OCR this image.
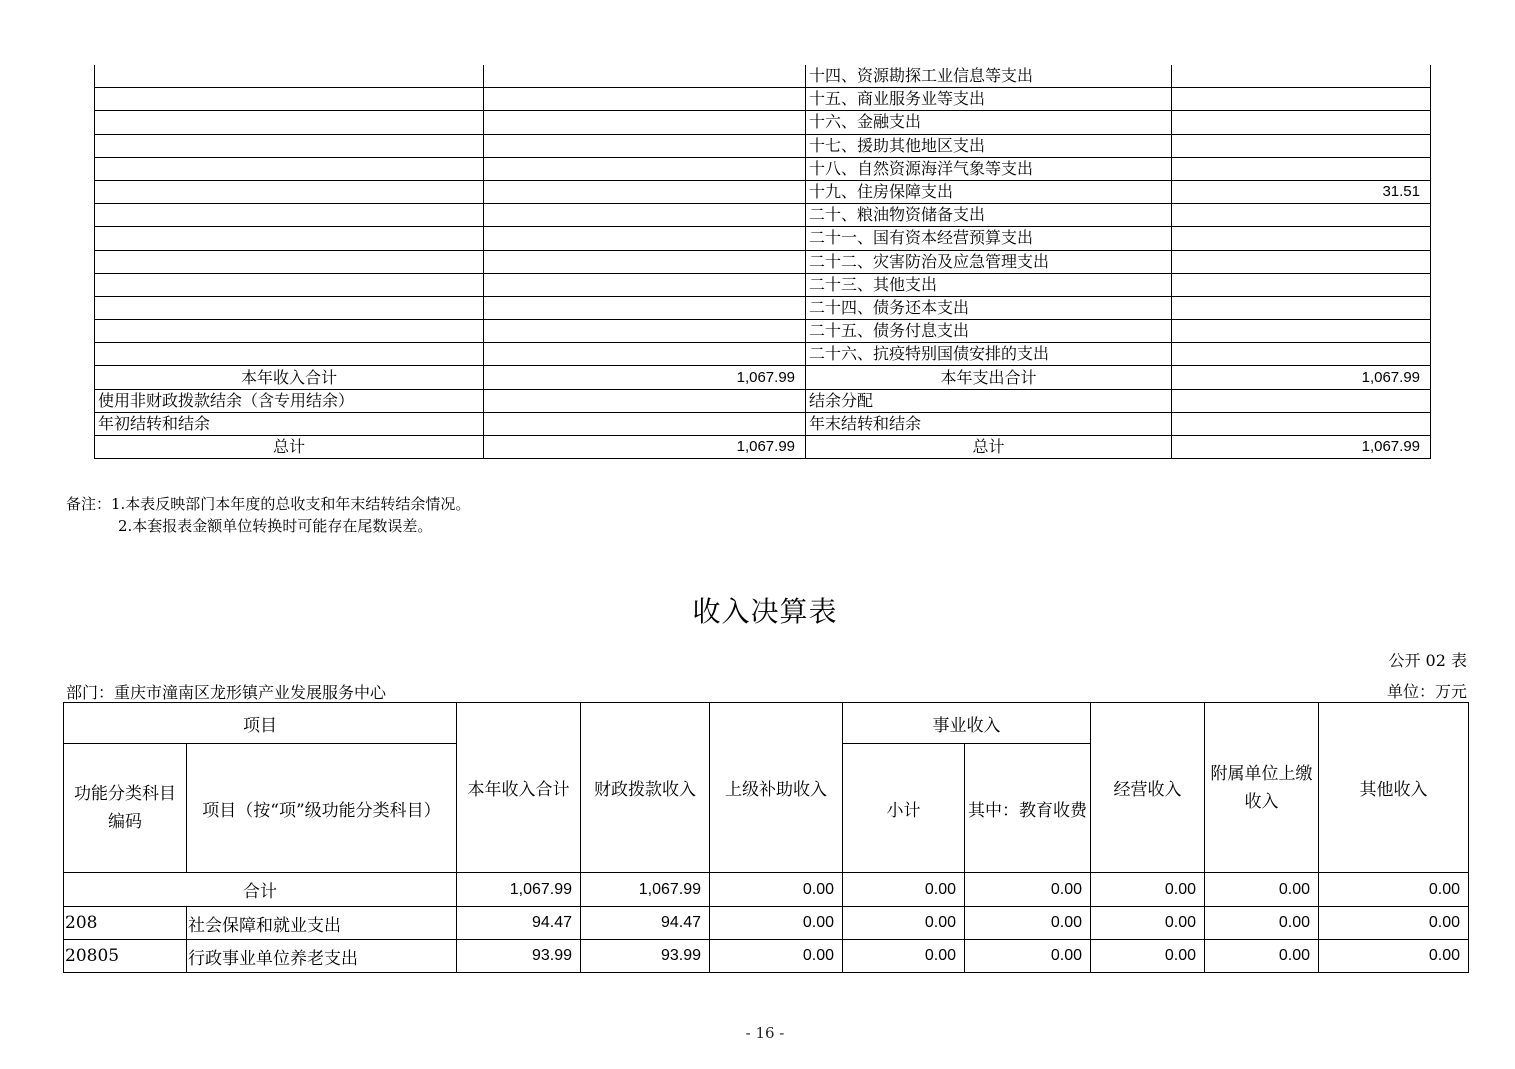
		十四、资源勘探工业信息等支出	
		十五、商业服务业等支出	
		十六、金融支出	
		十七、援助其他地区支出	
		十八、自然资源海洋气象等支出	
		十九、住房保障支出	31.51
		二十、粮油物资储备支出	
		二十一、国有资本经营预算支出	
		二十二、灾害防治及应急管理支出	
		二十三、其他支出	
		二十四、债务还本支出	
		二十五、债务付息支出	
		二十六、抗疫特别国债安排的支出	
本年收入合计	1,067.99	本年支出合计	1,067.99
使用非财政拨款结余（含专用结余）		结余分配	
年初结转和结余		年末结转和结余	
总计	1,067.99	总计	1,067.99
备注：1.本表反映部门本年度的总收支和年末结转结余情况。
2.本套报表金额单位转换时可能存在尾数误差。
收入决算表
公开 02 表
部门：重庆市潼南区龙形镇产业发展服务中心	单位：万元
项目		本年收入合计	财政拨款收入	上级补助收入	事业收入		经营收入	附属单位上缴收入	其他收入
功能分类科目编码	项目（按“项”级功能分类科目）				小计	其中：教育收费			
合计		1,067.99	1,067.99	0.00	0.00	0.00	0.00	0.00	0.00
208	社会保障和就业支出	94.47	94.47	0.00	0.00	0.00	0.00	0.00	0.00
20805	行政事业单位养老支出	93.99	93.99	0.00	0.00	0.00	0.00	0.00	0.00
- 16 -
